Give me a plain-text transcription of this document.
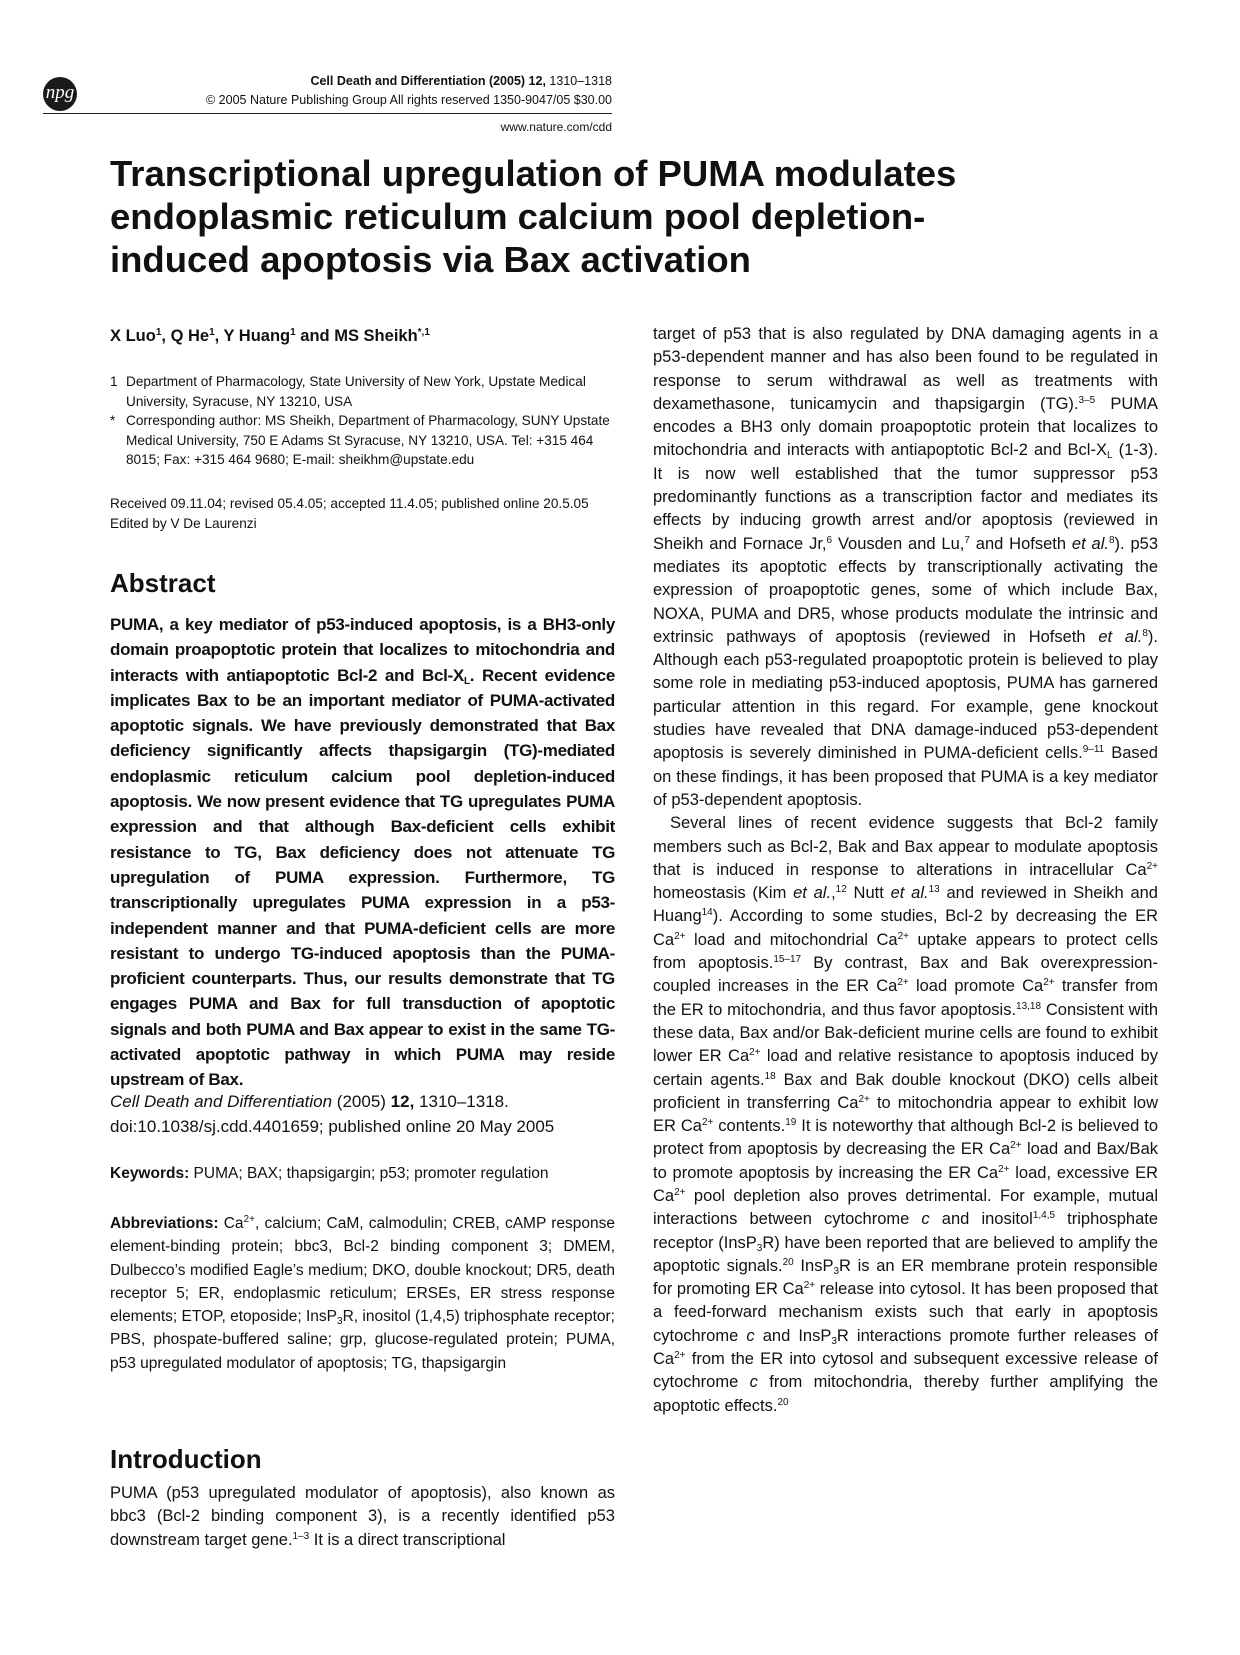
npg
Cell Death and Differentiation (2005) 12, 1310–1318
© 2005 Nature Publishing Group All rights reserved 1350-9047/05 $30.00
www.nature.com/cdd
Transcriptional upregulation of PUMA modulates endoplasmic reticulum calcium pool depletion-induced apoptosis via Bax activation
X Luo$^1$, Q He$^1$, Y Huang$^1$ and MS Sheikh$^{*,1}$
1 Department of Pharmacology, State University of New York, Upstate Medical University, Syracuse, NY 13210, USA
* Corresponding author: MS Sheikh, Department of Pharmacology, SUNY Upstate Medical University, 750 E Adams St Syracuse, NY 13210, USA. Tel: +315 464 8015; Fax: +315 464 9680; E-mail: sheikhm@upstate.edu
Received 09.11.04; revised 05.4.05; accepted 11.4.05; published online 20.5.05
Edited by V De Laurenzi
Abstract
PUMA, a key mediator of p53-induced apoptosis, is a BH3-only domain proapoptotic protein that localizes to mitochondria and interacts with antiapoptotic Bcl-2 and Bcl-$X_L$. Recent evidence implicates Bax to be an important mediator of PUMA-activated apoptotic signals. We have previously demonstrated that Bax deficiency significantly affects thapsigargin (TG)-mediated endoplasmic reticulum calcium pool depletion-induced apoptosis. We now present evidence that TG upregulates PUMA expression and that although Bax-deficient cells exhibit resistance to TG, Bax deficiency does not attenuate TG upregulation of PUMA expression. Furthermore, TG transcriptionally upregulates PUMA expression in a p53-independent manner and that PUMA-deficient cells are more resistant to undergo TG-induced apoptosis than the PUMA-proficient counterparts. Thus, our results demonstrate that TG engages PUMA and Bax for full transduction of apoptotic signals and both PUMA and Bax appear to exist in the same TG-activated apoptotic pathway in which PUMA may reside upstream of Bax.
Cell Death and Differentiation (2005) 12, 1310–1318.
doi:10.1038/sj.cdd.4401659; published online 20 May 2005
Keywords: PUMA; BAX; thapsigargin; p53; promoter regulation
Abbreviations: $Ca^{2+}$, calcium; CaM, calmodulin; CREB, cAMP response element-binding protein; bbc3, Bcl-2 binding component 3; DMEM, Dulbecco’s modified Eagle’s medium; DKO, double knockout; DR5, death receptor 5; ER, endoplasmic reticulum; ERSEs, ER stress response elements; ETOP, etoposide; InsP$_3$R, inositol (1,4,5) triphosphate receptor; PBS, phospate-buffered saline; grp, glucose-regulated protein; PUMA, p53 upregulated modulator of apoptosis; TG, thapsigargin
Introduction
PUMA (p53 upregulated modulator of apoptosis), also known as bbc3 (Bcl-2 binding component 3), is a recently identified p53 downstream target gene.$^{1-3}$ It is a direct transcriptional

target of p53 that is also regulated by DNA damaging agents in a p53-dependent manner and has also been found to be regulated in response to serum withdrawal as well as treatments with dexamethasone, tunicamycin and thapsigargin (TG).$^{3-5}$ PUMA encodes a BH3 only domain proapoptotic protein that localizes to mitochondria and interacts with antiapoptotic Bcl-2 and Bcl-$X_L$ (1-3). It is now well established that the tumor suppressor p53 predominantly functions as a transcription factor and mediates its effects by inducing growth arrest and/or apoptosis (reviewed in Sheikh and Fornace Jr,$^6$ Vousden and Lu,$^7$ and Hofseth et al.$^8$). p53 mediates its apoptotic effects by transcriptionally activating the expression of proapoptotic genes, some of which include Bax, NOXA, PUMA and DR5, whose products modulate the intrinsic and extrinsic pathways of apoptosis (reviewed in Hofseth et al.$^8$). Although each p53-regulated proapoptotic protein is believed to play some role in mediating p53-induced apoptosis, PUMA has garnered particular attention in this regard. For example, gene knockout studies have revealed that DNA damage-induced p53-dependent apoptosis is severely diminished in PUMA-deficient cells.$^{9-11}$ Based on these findings, it has been proposed that PUMA is a key mediator of p53-dependent apoptosis.

Several lines of recent evidence suggests that Bcl-2 family members such as Bcl-2, Bak and Bax appear to modulate apoptosis that is induced in response to alterations in intracellular $Ca^{2+}$ homeostasis (Kim et al.,$^{12}$ Nutt et al.$^{13}$ and reviewed in Sheikh and Huang$^{14}$). According to some studies, Bcl-2 by decreasing the ER $Ca^{2+}$ load and mitochondrial $Ca^{2+}$ uptake appears to protect cells from apoptosis.$^{15-17}$ By contrast, Bax and Bak overexpression-coupled increases in the ER $Ca^{2+}$ load promote $Ca^{2+}$ transfer from the ER to mitochondria, and thus favor apoptosis.$^{13,18}$ Consistent with these data, Bax and/or Bak-deficient murine cells are found to exhibit lower ER $Ca^{2+}$ load and relative resistance to apoptosis induced by certain agents.$^{18}$ Bax and Bak double knockout (DKO) cells albeit proficient in transferring $Ca^{2+}$ to mitochondria appear to exhibit low ER $Ca^{2+}$ contents.$^{19}$ It is noteworthy that although Bcl-2 is believed to protect from apoptosis by decreasing the ER $Ca^{2+}$ load and Bax/Bak to promote apoptosis by increasing the ER $Ca^{2+}$ load, excessive ER $Ca^{2+}$ pool depletion also proves detrimental. For example, mutual interactions between cytochrome c and inositol$^{1,4,5}$ triphosphate receptor (InsP$_3$R) have been reported that are believed to amplify the apoptotic signals.$^{20}$ InsP$_3$R is an ER membrane protein responsible for promoting ER $Ca^{2+}$ release into cytosol. It has been proposed that a feed-forward mechanism exists such that early in apoptosis cytochrome c and InsP$_3$R interactions promote further releases of $Ca^{2+}$ from the ER into cytosol and subsequent excessive release of cytochrome c from mitochondria, thereby further amplifying the apoptotic effects.$^{20}$
